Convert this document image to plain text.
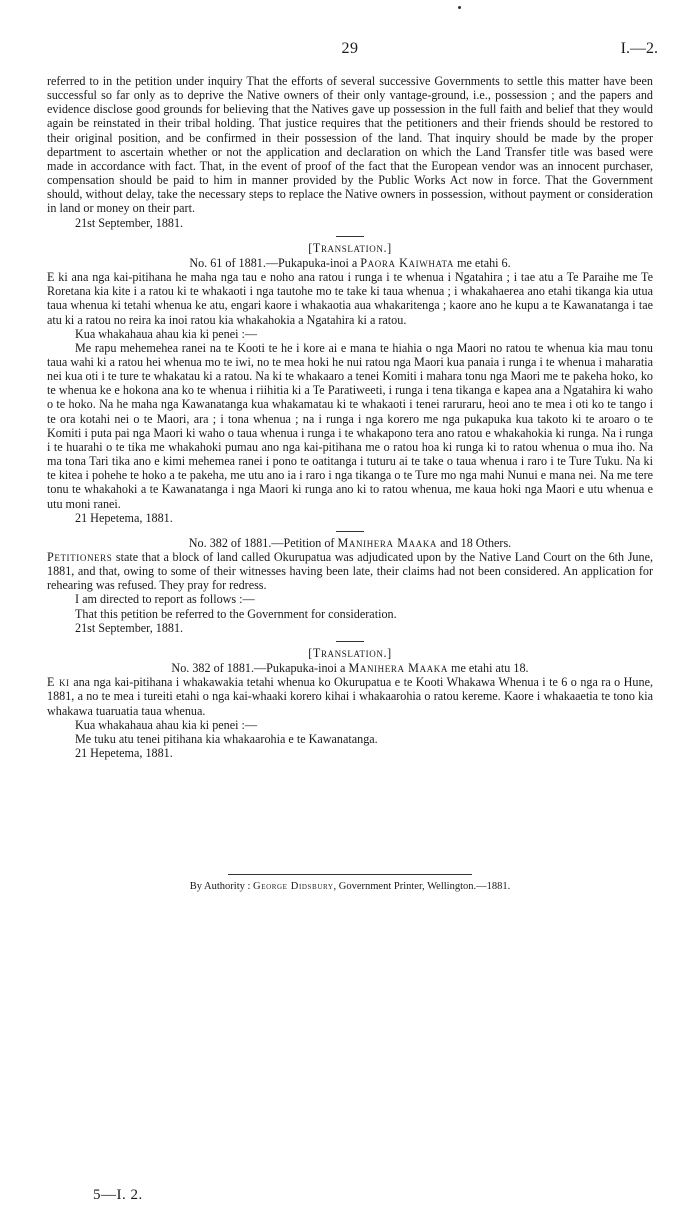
29	I.—2.

referred to in the petition under inquiry That the efforts of several successive Governments to settle this matter have been successful so far only as to deprive the Native owners of their only vantage-ground, i.e., possession ; and the papers and evidence disclose good grounds for believing that the Natives gave up possession in the full faith and belief that they would again be reinstated in their tribal holding. That justice requires that the petitioners and their friends should be restored to their original position, and be confirmed in their possession of the land. That inquiry should be made by the proper department to ascertain whether or not the application and declaration on which the Land Transfer title was based were made in accordance with fact. That, in the event of proof of the fact that the European vendor was an innocent purchaser, compensation should be paid to him in manner provided by the Public Works Act now in force. That the Government should, without delay, take the necessary steps to replace the Native owners in possession, without payment or consideration in land or money on their part.

21st September, 1881.

[Translation.]

No. 61 of 1881.—Pukapuka-inoi a Paora Kaiwhata me etahi 6.

E ki ana nga kai-pitihana he maha nga tau e noho ana ratou i runga i te whenua i Ngatahira ; i tae atu a Te Paraihe me Te Roretana kia kite i a ratou ki te whakaoti i nga tautohe mo te take ki taua whenua ; i whakahaerea ano etahi tikanga kia utua taua whenua ki tetahi whenua ke atu, engari kaore i whakaotia aua whakaritenga ; kaore ano he kupu a te Kawanatanga i tae atu ki a ratou no reira ka inoi ratou kia whakahokia a Ngatahira ki a ratou.

Kua whakahaua ahau kia ki penei :—

Me rapu mehemehea ranei na te Kooti te he i kore ai e mana te hiahia o nga Maori no ratou te whenua kia mau tonu taua wahi ki a ratou hei whenua mo te iwi, no te mea hoki he nui ratou nga Maori kua panaia i runga i te whenua i maharatia nei kua oti i te ture te whakatau ki a ratou. Na ki te whakaaro a tenei Komiti i mahara tonu nga Maori me te pakeha hoko, ko te whenua ke e hokona ana ko te whenua i riihitia ki a Te Paratiweeti, i runga i tena tikanga e kapea ana a Ngatahira ki waho o te hoko. Na he maha nga Kawanatanga kua whakamatau ki te whakaoti i tenei raruraru, heoi ano te mea i oti ko te tango i te ora kotahi nei o te Maori, ara ; i tona whenua ; na i runga i nga korero me nga pukapuka kua takoto ki te aroaro o te Komiti i puta pai nga Maori ki waho o taua whenua i runga i te whakapono tera ano ratou e whakahokia ki runga. Na i runga i te huarahi o te tika me whakahoki pumau ano nga kai-pitihana me o ratou hoa ki runga ki to ratou whenua o mua iho. Na ma tona Tari tika ano e kimi mehemea ranei i pono te oatitanga i tuturu ai te take o taua whenua i raro i te Ture Tuku. Na ki te kitea i pohehe te hoko a te pakeha, me utu ano ia i raro i nga tikanga o te Ture mo nga mahi Nunui e mana nei. Na me tere tonu te whakahoki a te Kawanatanga i nga Maori ki runga ano ki to ratou whenua, me kaua hoki nga Maori e utu whenua e utu moni ranei.

21 Hepetema, 1881.

No. 382 of 1881.—Petition of Manihera Maaka and 18 Others.

Petitioners state that a block of land called Okurupatua was adjudicated upon by the Native Land Court on the 6th June, 1881, and that, owing to some of their witnesses having been late, their claims had not been considered. An application for rehearing was refused. They pray for redress.

I am directed to report as follows :—

That this petition be referred to the Government for consideration.

21st September, 1881.

[Translation.]

No. 382 of 1881.—Pukapuka-inoi a Manihera Maaka me etahi atu 18.

E ki ana nga kai-pitihana i whakawakia tetahi whenua ko Okurupatua e te Kooti Whakawa Whenua i te 6 o nga ra o Hune, 1881, a no te mea i tureiti etahi o nga kai-whaaki korero kihai i whakaarohia o ratou kereme. Kaore i whakaaetia te tono kia whakawa tuaruatia taua whenua.

Kua whakahaua ahau kia ki penei :—

Me tuku atu tenei pitihana kia whakaarohia e te Kawanatanga.

21 Hepetema, 1881.

By Authority : George Didsbury, Government Printer, Wellington.—1881.
5—I. 2.
